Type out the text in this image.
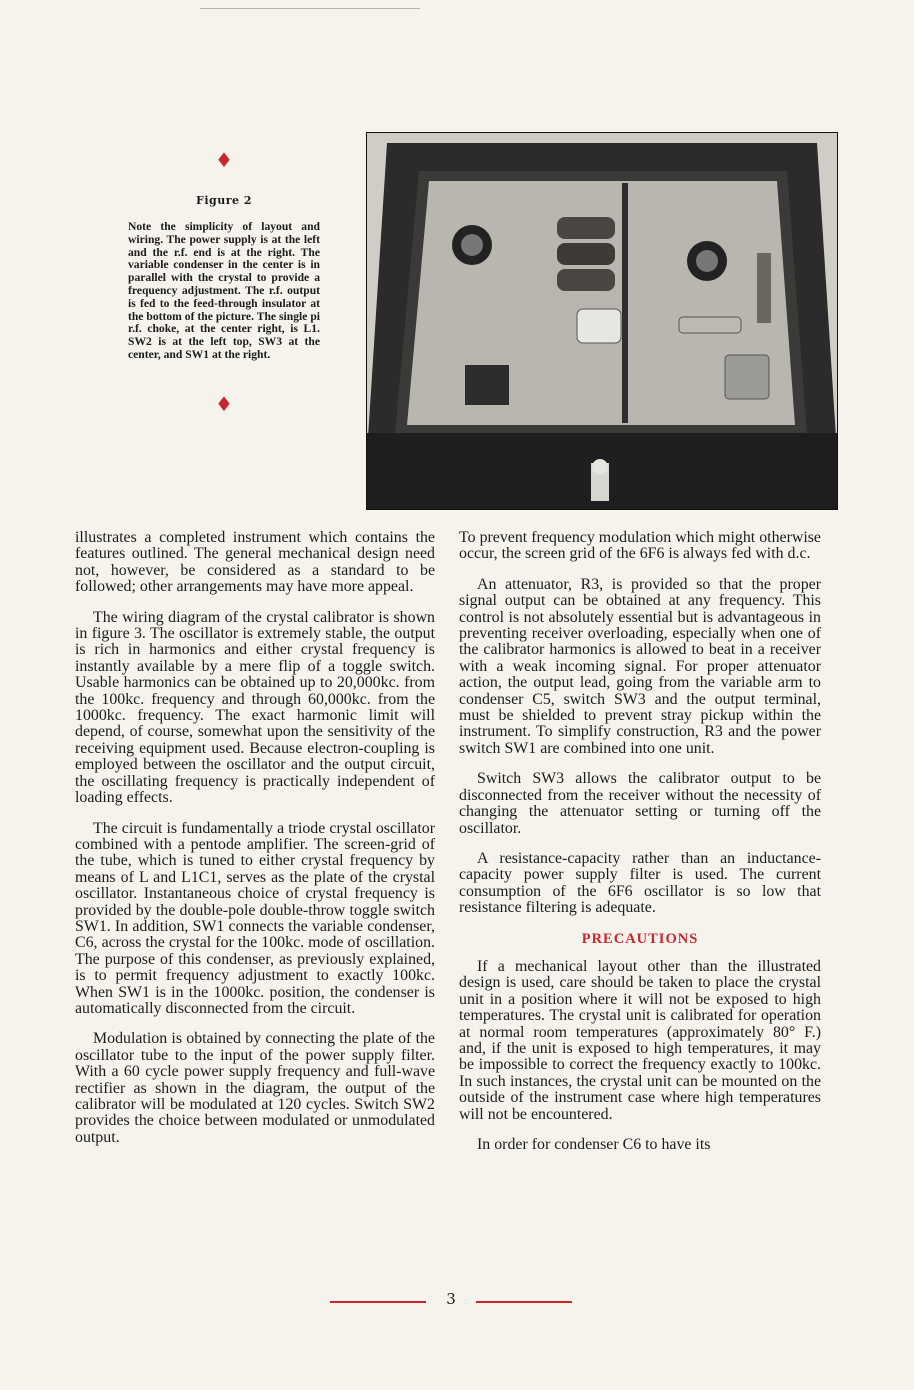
♦
Figure 2

Note the simplicity of layout and wiring. The power supply is at the left and the r.f. end is at the right. The variable condenser in the center is in parallel with the crystal to provide a frequency adjustment. The r.f. output is fed to the feed-through insulator at the bottom of the picture. The single pi r.f. choke, at the center right, is L1. SW2 is at the left top, SW3 at the center, and SW1 at the right.

♦

illustrates a completed instrument which contains the features outlined. The general mechanical design need not, however, be considered as a standard to be followed; other arrangements may have more appeal.

The wiring diagram of the crystal calibrator is shown in figure 3. The oscillator is extremely stable, the output is rich in harmonics and either crystal frequency is instantly available by a mere flip of a toggle switch. Usable harmonics can be obtained up to 20,000kc. from the 100kc. frequency and through 60,000kc. from the 1000kc. frequency. The exact harmonic limit will depend, of course, somewhat upon the sensitivity of the receiving equipment used. Because electron-coupling is employed between the oscillator and the output circuit, the oscillating frequency is practically independent of loading effects.

The circuit is fundamentally a triode crystal oscillator combined with a pentode amplifier. The screen-grid of the tube, which is tuned to either crystal frequency by means of L and L1C1, serves as the plate of the crystal oscillator. Instantaneous choice of crystal frequency is provided by the double-pole double-throw toggle switch SW1. In addition, SW1 connects the variable condenser, C6, across the crystal for the 100kc. mode of oscillation. The purpose of this condenser, as previously explained, is to permit frequency adjustment to exactly 100kc. When SW1 is in the 1000kc. position, the condenser is automatically disconnected from the circuit.

Modulation is obtained by connecting the plate of the oscillator tube to the input of the power supply filter. With a 60 cycle power supply frequency and full-wave rectifier as shown in the diagram, the output of the calibrator will be modulated at 120 cycles. Switch SW2 provides the choice between modulated or unmodulated output.

To prevent frequency modulation which might otherwise occur, the screen grid of the 6F6 is always fed with d.c.

An attenuator, R3, is provided so that the proper signal output can be obtained at any frequency. This control is not absolutely essential but is advantageous in preventing receiver overloading, especially when one of the calibrator harmonics is allowed to beat in a receiver with a weak incoming signal. For proper attenuator action, the output lead, going from the variable arm to condenser C5, switch SW3 and the output terminal, must be shielded to prevent stray pickup within the instrument. To simplify construction, R3 and the power switch SW1 are combined into one unit.

Switch SW3 allows the calibrator output to be disconnected from the receiver without the necessity of changing the attenuator setting or turning off the oscillator.

A resistance-capacity rather than an inductance-capacity power supply filter is used. The current consumption of the 6F6 oscillator is so low that resistance filtering is adequate.

PRECAUTIONS

If a mechanical layout other than the illustrated design is used, care should be taken to place the crystal unit in a position where it will not be exposed to high temperatures. The crystal unit is calibrated for operation at normal room temperatures (approximately 80° F.) and, if the unit is exposed to high temperatures, it may be impossible to correct the frequency exactly to 100kc. In such instances, the crystal unit can be mounted on the outside of the instrument case where high temperatures will not be encountered.

In order for condenser C6 to have its

3
